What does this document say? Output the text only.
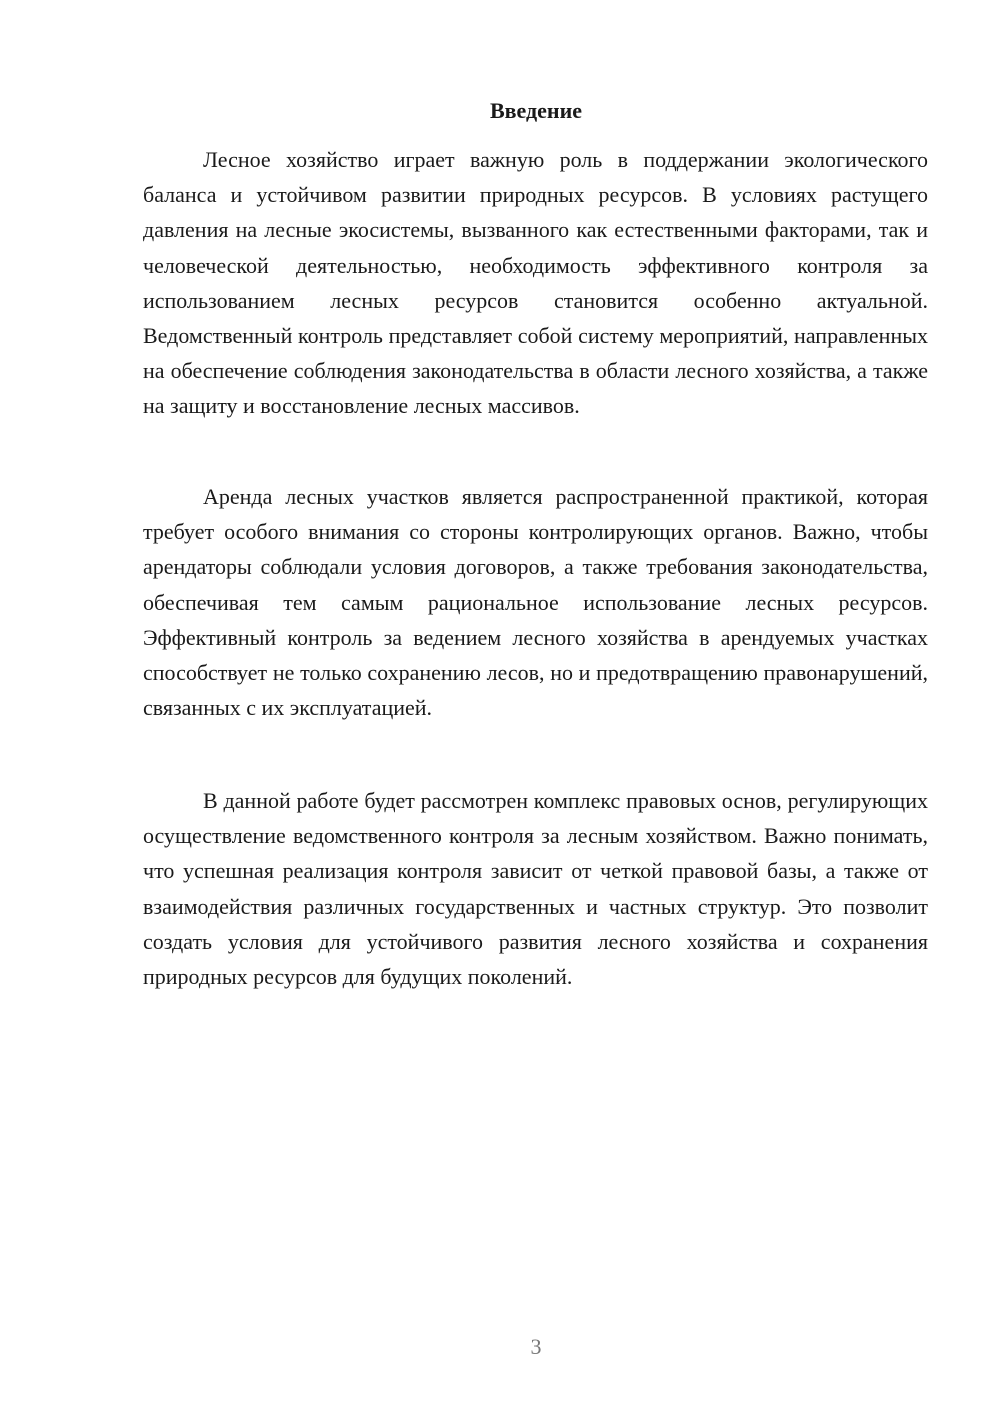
Введение

Лесное хозяйство играет важную роль в поддержании экологического баланса и устойчивом развитии природных ресурсов. В условиях растущего давления на лесные экосистемы, вызванного как естественными факторами, так и человеческой деятельностью, необходимость эффективного контроля за использованием лесных ресурсов становится особенно актуальной. Ведомственный контроль представляет собой систему мероприятий, направленных на обеспечение соблюдения законодательства в области лесного хозяйства, а также на защиту и восстановление лесных массивов.

Аренда лесных участков является распространенной практикой, которая требует особого внимания со стороны контролирующих органов. Важно, чтобы арендаторы соблюдали условия договоров, а также требования законодательства, обеспечивая тем самым рациональное использование лесных ресурсов. Эффективный контроль за ведением лесного хозяйства в арендуемых участках способствует не только сохранению лесов, но и предотвращению правонарушений, связанных с их эксплуатацией.

В данной работе будет рассмотрен комплекс правовых основ, регулирующих осуществление ведомственного контроля за лесным хозяйством. Важно понимать, что успешная реализация контроля зависит от четкой правовой базы, а также от взаимодействия различных государственных и частных структур. Это позволит создать условия для устойчивого развития лесного хозяйства и сохранения природных ресурсов для будущих поколений.

3
